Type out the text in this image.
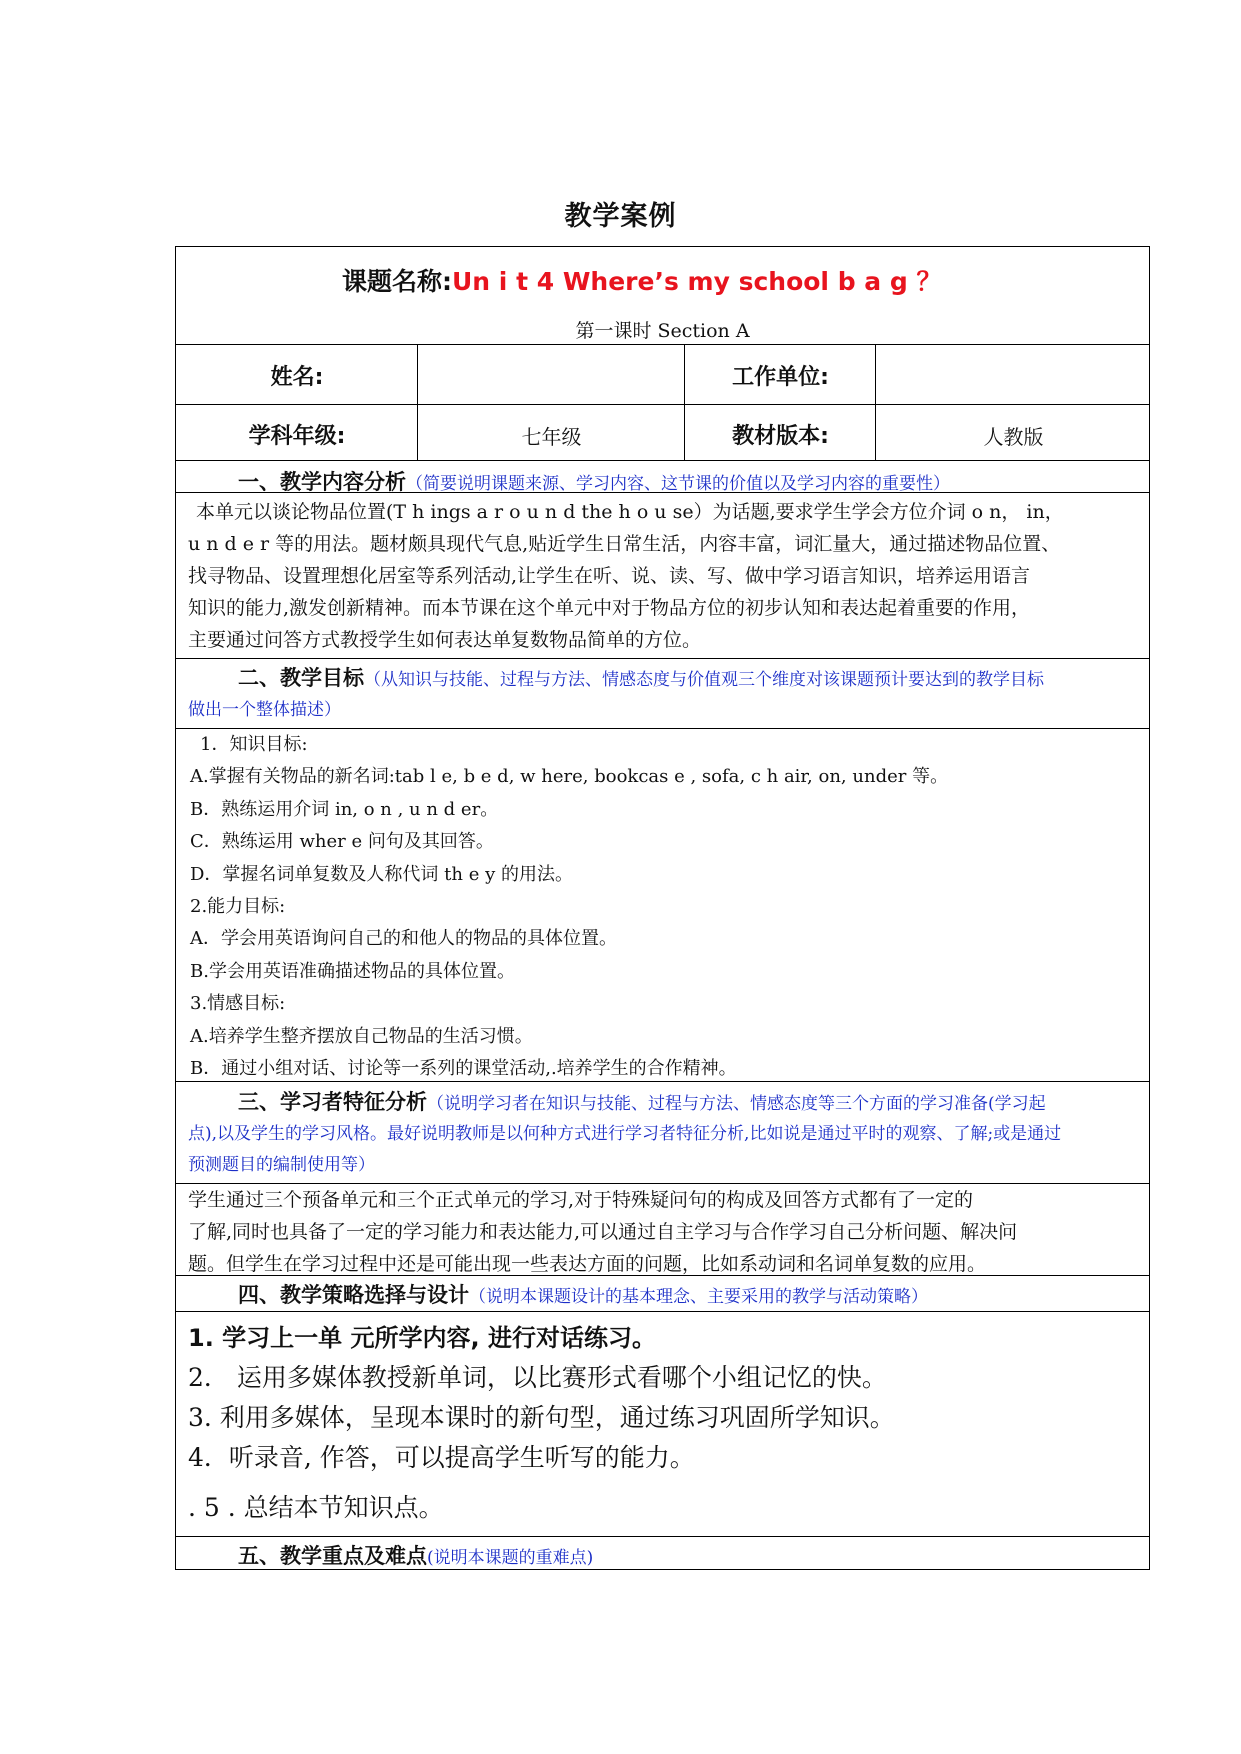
教学案例
课题名称:Un i t 4 Where’s my school b a g ？
第一课时 Section A
姓名:	工作单位:
学科年级:	七年级	教材版本:	人教版
一、教学内容分析（简要说明课题来源、学习内容、这节课的价值以及学习内容的重要性）
本单元以谈论物品位置(T h ings a r o u n d the h o u se）为话题,要求学生学会方位介词 o n， in，
u n d e r 等的用法。题材颇具现代气息,贴近学生日常生活，内容丰富，词汇量大，通过描述物品位置、
找寻物品、设置理想化居室等系列活动,让学生在听、说、读、写、做中学习语言知识，培养运用语言
知识的能力,激发创新精神。而本节课在这个单元中对于物品方位的初步认知和表达起着重要的作用，
主要通过问答方式教授学生如何表达单复数物品简单的方位。
二、教学目标（从知识与技能、过程与方法、情感态度与价值观三个维度对该课题预计要达到的教学目标
做出一个整体描述）
1．知识目标:
A.掌握有关物品的新名词:tab l e, b e d, w here, bookcas e , sofa, c h air, on, under 等。
B．熟练运用介词 in, o n , u n d er。
C．熟练运用 wher e 问句及其回答。
D．掌握名词单复数及人称代词 th e y 的用法。
2.能力目标:
A．学会用英语询问自己的和他人的物品的具体位置。
B.学会用英语准确描述物品的具体位置。
3.情感目标:
A.培养学生整齐摆放自己物品的生活习惯。
B．通过小组对话、讨论等一系列的课堂活动,.培养学生的合作精神。
三、学习者特征分析（说明学习者在知识与技能、过程与方法、情感态度等三个方面的学习准备(学习起
点),以及学生的学习风格。最好说明教师是以何种方式进行学习者特征分析,比如说是通过平时的观察、了解;或是通过
预测题目的编制使用等）
学生通过三个预备单元和三个正式单元的学习,对于特殊疑问句的构成及回答方式都有了一定的
了解,同时也具备了一定的学习能力和表达能力,可以通过自主学习与合作学习自己分析问题、解决问
题。但学生在学习过程中还是可能出现一些表达方面的问题，比如系动词和名词单复数的应用。
四、教学策略选择与设计（说明本课题设计的基本理念、主要采用的教学与活动策略）
1. 学习上一单 元所学内容, 进行对话练习。
2． 运用多媒体教授新单词，以比赛形式看哪个小组记忆的快。
3. 利用多媒体，呈现本课时的新句型，通过练习巩固所学知识。
4．听录音, 作答，可以提高学生听写的能力。
. 5 . 总结本节知识点。
五、教学重点及难点(说明本课题的重难点)
